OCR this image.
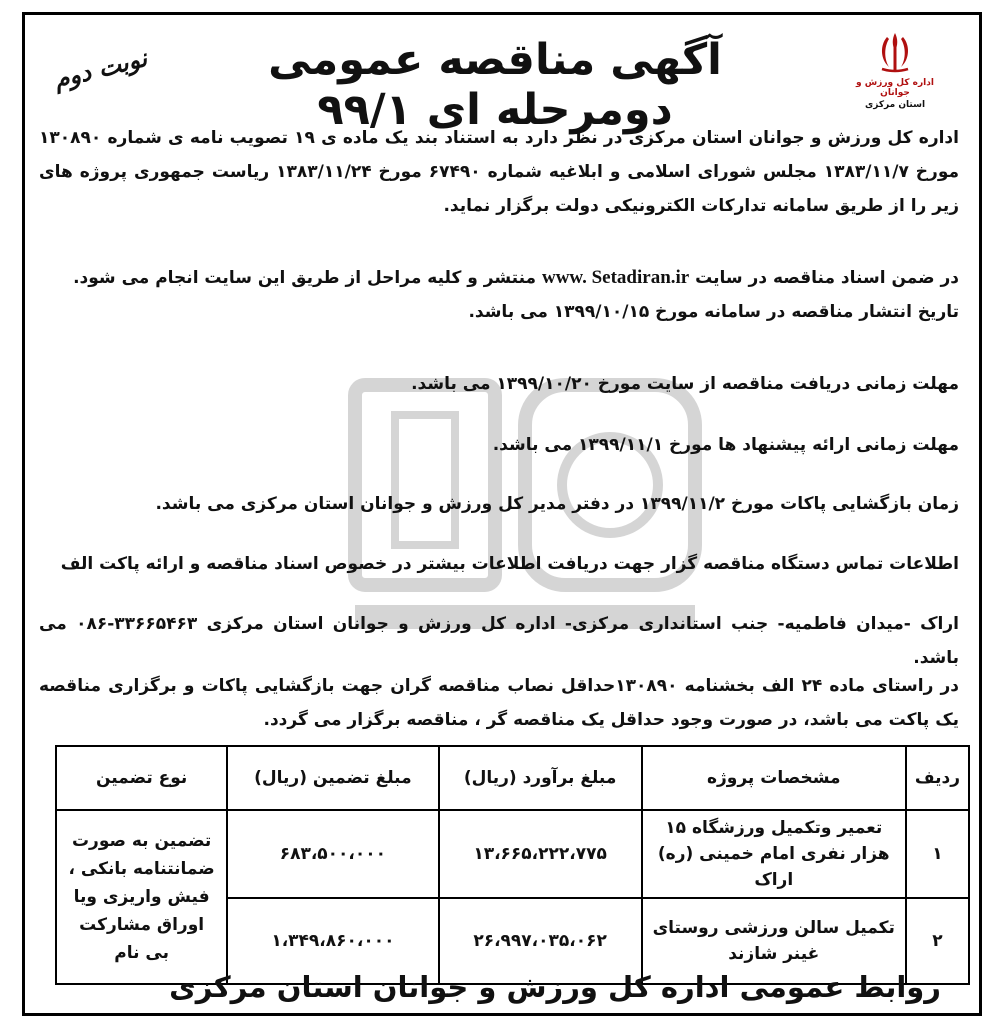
اداره کل ورزش و جوانان
استان مرکزی
آگهی مناقصه عمومی دومرحله ای ۹۹/۱
نوبت دوم
اداره کل ورزش و جوانان استان مرکزی در نظر دارد به استناد بند یک ماده ی ۱۹ تصویب نامه ی شماره ۱۳۰۸۹۰ مورخ ۱۳۸۳/۱۱/۷ مجلس شورای اسلامی و ابلاغیه شماره ۶۷۴۹۰ مورخ ۱۳۸۳/۱۱/۲۴ ریاست جمهوری پروژه های زیر را از طریق سامانه تدارکات الکترونیکی دولت برگزار نماید.
در ضمن اسناد مناقصه در سایت www. Setadiran.ir منتشر و کلیه مراحل از طریق این سایت انجام می شود.
تاریخ انتشار مناقصه در سامانه مورخ ۱۳۹۹/۱۰/۱۵ می باشد.
مهلت زمانی دریافت مناقصه از سایت مورخ ۱۳۹۹/۱۰/۲۰ می باشد.
مهلت زمانی ارائه پیشنهاد ها مورخ ۱۳۹۹/۱۱/۱ می باشد.
زمان بازگشایی پاکات مورخ ۱۳۹۹/۱۱/۲ در دفتر مدیر کل ورزش و جوانان استان مرکزی می باشد.
اطلاعات تماس دستگاه مناقصه گزار جهت دریافت اطلاعات بیشتر در خصوص اسناد مناقصه و ارائه پاکت الف
اراک -میدان فاطمیه- جنب استانداری مرکزی- اداره کل ورزش و جوانان استان مرکزی ۳۳۶۶۵۴۶۳-۰۸۶ می باشد.
در راستای ماده ۲۴ الف بخشنامه ۱۳۰۸۹۰حداقل نصاب مناقصه گران جهت بازگشایی پاکات و برگزاری مناقصه یک پاکت می باشد، در صورت وجود حداقل یک مناقصه گر ، مناقصه برگزار می گردد.
ردیف	مشخصات پروژه	مبلغ برآورد (ریال)	مبلغ تضمین (ریال)	نوع تضمین
۱	تعمیر وتکمیل ورزشگاه ۱۵ هزار نفری امام خمینی (ره) اراک	۱۳،۶۶۵،۲۲۲،۷۷۵	۶۸۳،۵۰۰،۰۰۰	تضمین به صورت ضمانتنامه بانکی ، فیش واریزی ویا اوراق مشارکت بی نام
۲	تکمیل سالن ورزشی روستای غینر شازند	۲۶،۹۹۷،۰۳۵،۰۶۲	۱،۳۴۹،۸۶۰،۰۰۰	
روابط عمومی اداره کل ورزش و جوانان استان مرکزی
